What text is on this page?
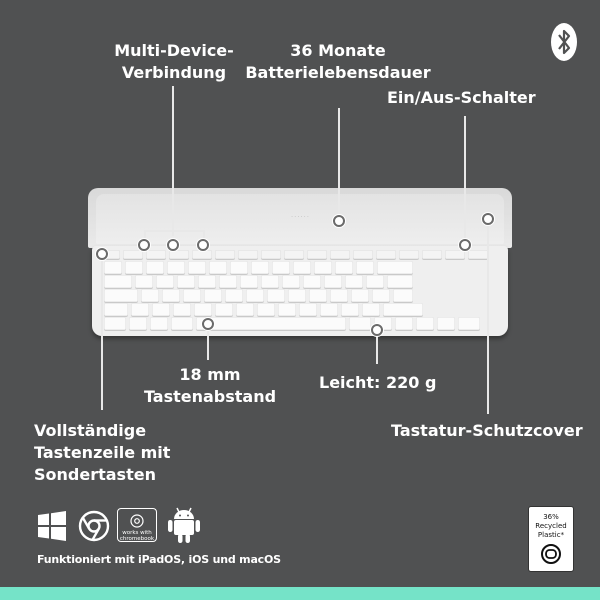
Multi-Device-
Verbindung
36 Monate
Batterielebensdauer
Ein/Aus-Schalter
· · · · · ·
18 mm
Tastenabstand
Leicht: 220 g
Vollständige
Tastenzeile mit
Sondertasten
Tastatur-Schutzcover
works with
chromebook
Funktioniert mit iPadOS, iOS und macOS
36%
Recycled
Plastic*
